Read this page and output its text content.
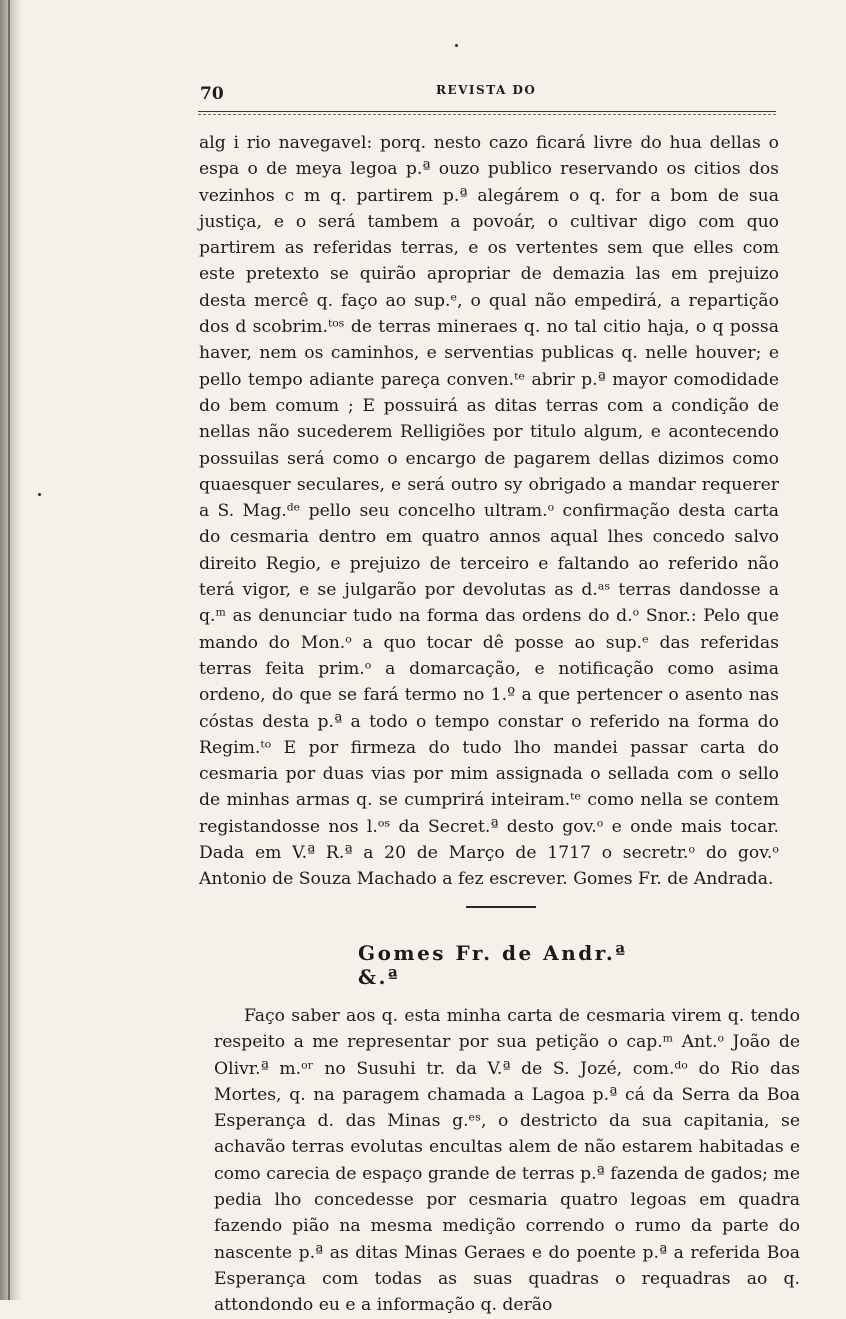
70	REVISTA DO

alg i rio navegavel: porq. nesto cazo ficará livre do hua dellas o espa o de meya legoa p.ª ouzo publico reservando os citios dos vezinhos c m q. partirem p.ª alegárem o q. for a bom de sua justiça, e o será tambem a povoár, o cultivar digo com quo partirem as referidas terras, e os vertentes sem que elles com este pretexto se quirão apropriar de demazia las em prejuizo desta mercê q. faço ao sup.ᵉ, o qual não empedirá, a repartição dos d scobrim.ᵗᵒˢ de terras mineraes q. no tal citio haja, o q possa haver, nem os caminhos, e serventias publicas q. nelle houver; e pello tempo adiante pareça conven.ᵗᵉ abrir p.ª mayor comodidade do bem comum ; E possuirá as ditas terras com a condição de nellas não sucederem Relligiões por titulo algum, e acontecendo possuilas será como o encargo de pagarem dellas dizimos como quaesquer seculares, e será outro sy obrigado a mandar requerer a S. Mag.ᵈᵉ pello seu concelho ultram.ᵒ confirmação desta carta do cesmaria dentro em quatro annos aqual lhes concedo salvo direito Regio, e prejuizo de terceiro e faltando ao referido não terá vigor, e se julgarão por devolutas as d.ᵃˢ terras dandosse a q.ᵐ as denunciar tudo na forma das ordens do d.ᵒ Snor.: Pelo que mando do Mon.ᵒ a quo tocar dê posse ao sup.ᵉ das referidas terras feita prim.ᵒ a domarcação, e notificação como asima ordeno, do que se fará termo no 1.º a que pertencer o asento nas cóstas desta p.ª a todo o tempo constar o referido na forma do Regim.ᵗᵒ E por firmeza do tudo lho mandei passar carta do cesmaria por duas vias por mim assignada o sellada com o sello de minhas armas q. se cumprirá inteiram.ᵗᵉ como nella se contem registandosse nos l.ᵒˢ da Secret.ª desto gov.ᵒ e onde mais tocar. Dada em V.ª R.ª a 20 de Março de 1717 o secretr.ᵒ do gov.ᵒ Antonio de Souza Machado a fez escrever. Gomes Fr. de Andrada.

Gomes Fr. de Andr.ª &.ª

Faço saber aos q. esta minha carta de cesmaria virem q. tendo respeito a me representar por sua petição o cap.ᵐ Ant.ᵒ João de Olivr.ª m.ᵒʳ no Susuhi tr. da V.ª de S. Jozé, com.ᵈᵒ do Rio das Mortes, q. na paragem chamada a Lagoa p.ª cá da Serra da Boa Esperança d. das Minas g.ᵉˢ, o destricto da sua capitania, se achavão terras evolutas encultas alem de não estarem habitadas e como carecia de espaço grande de terras p.ª fazenda de gados; me pedia lho concedesse por cesmaria quatro legoas em quadra fazendo pião na mesma medição correndo o rumo da parte do nascente p.ª as ditas Minas Geraes e do poente p.ª a referida Boa Esperança com todas as suas quadras o requadras ao q. attondondo eu e a informação q. derão
